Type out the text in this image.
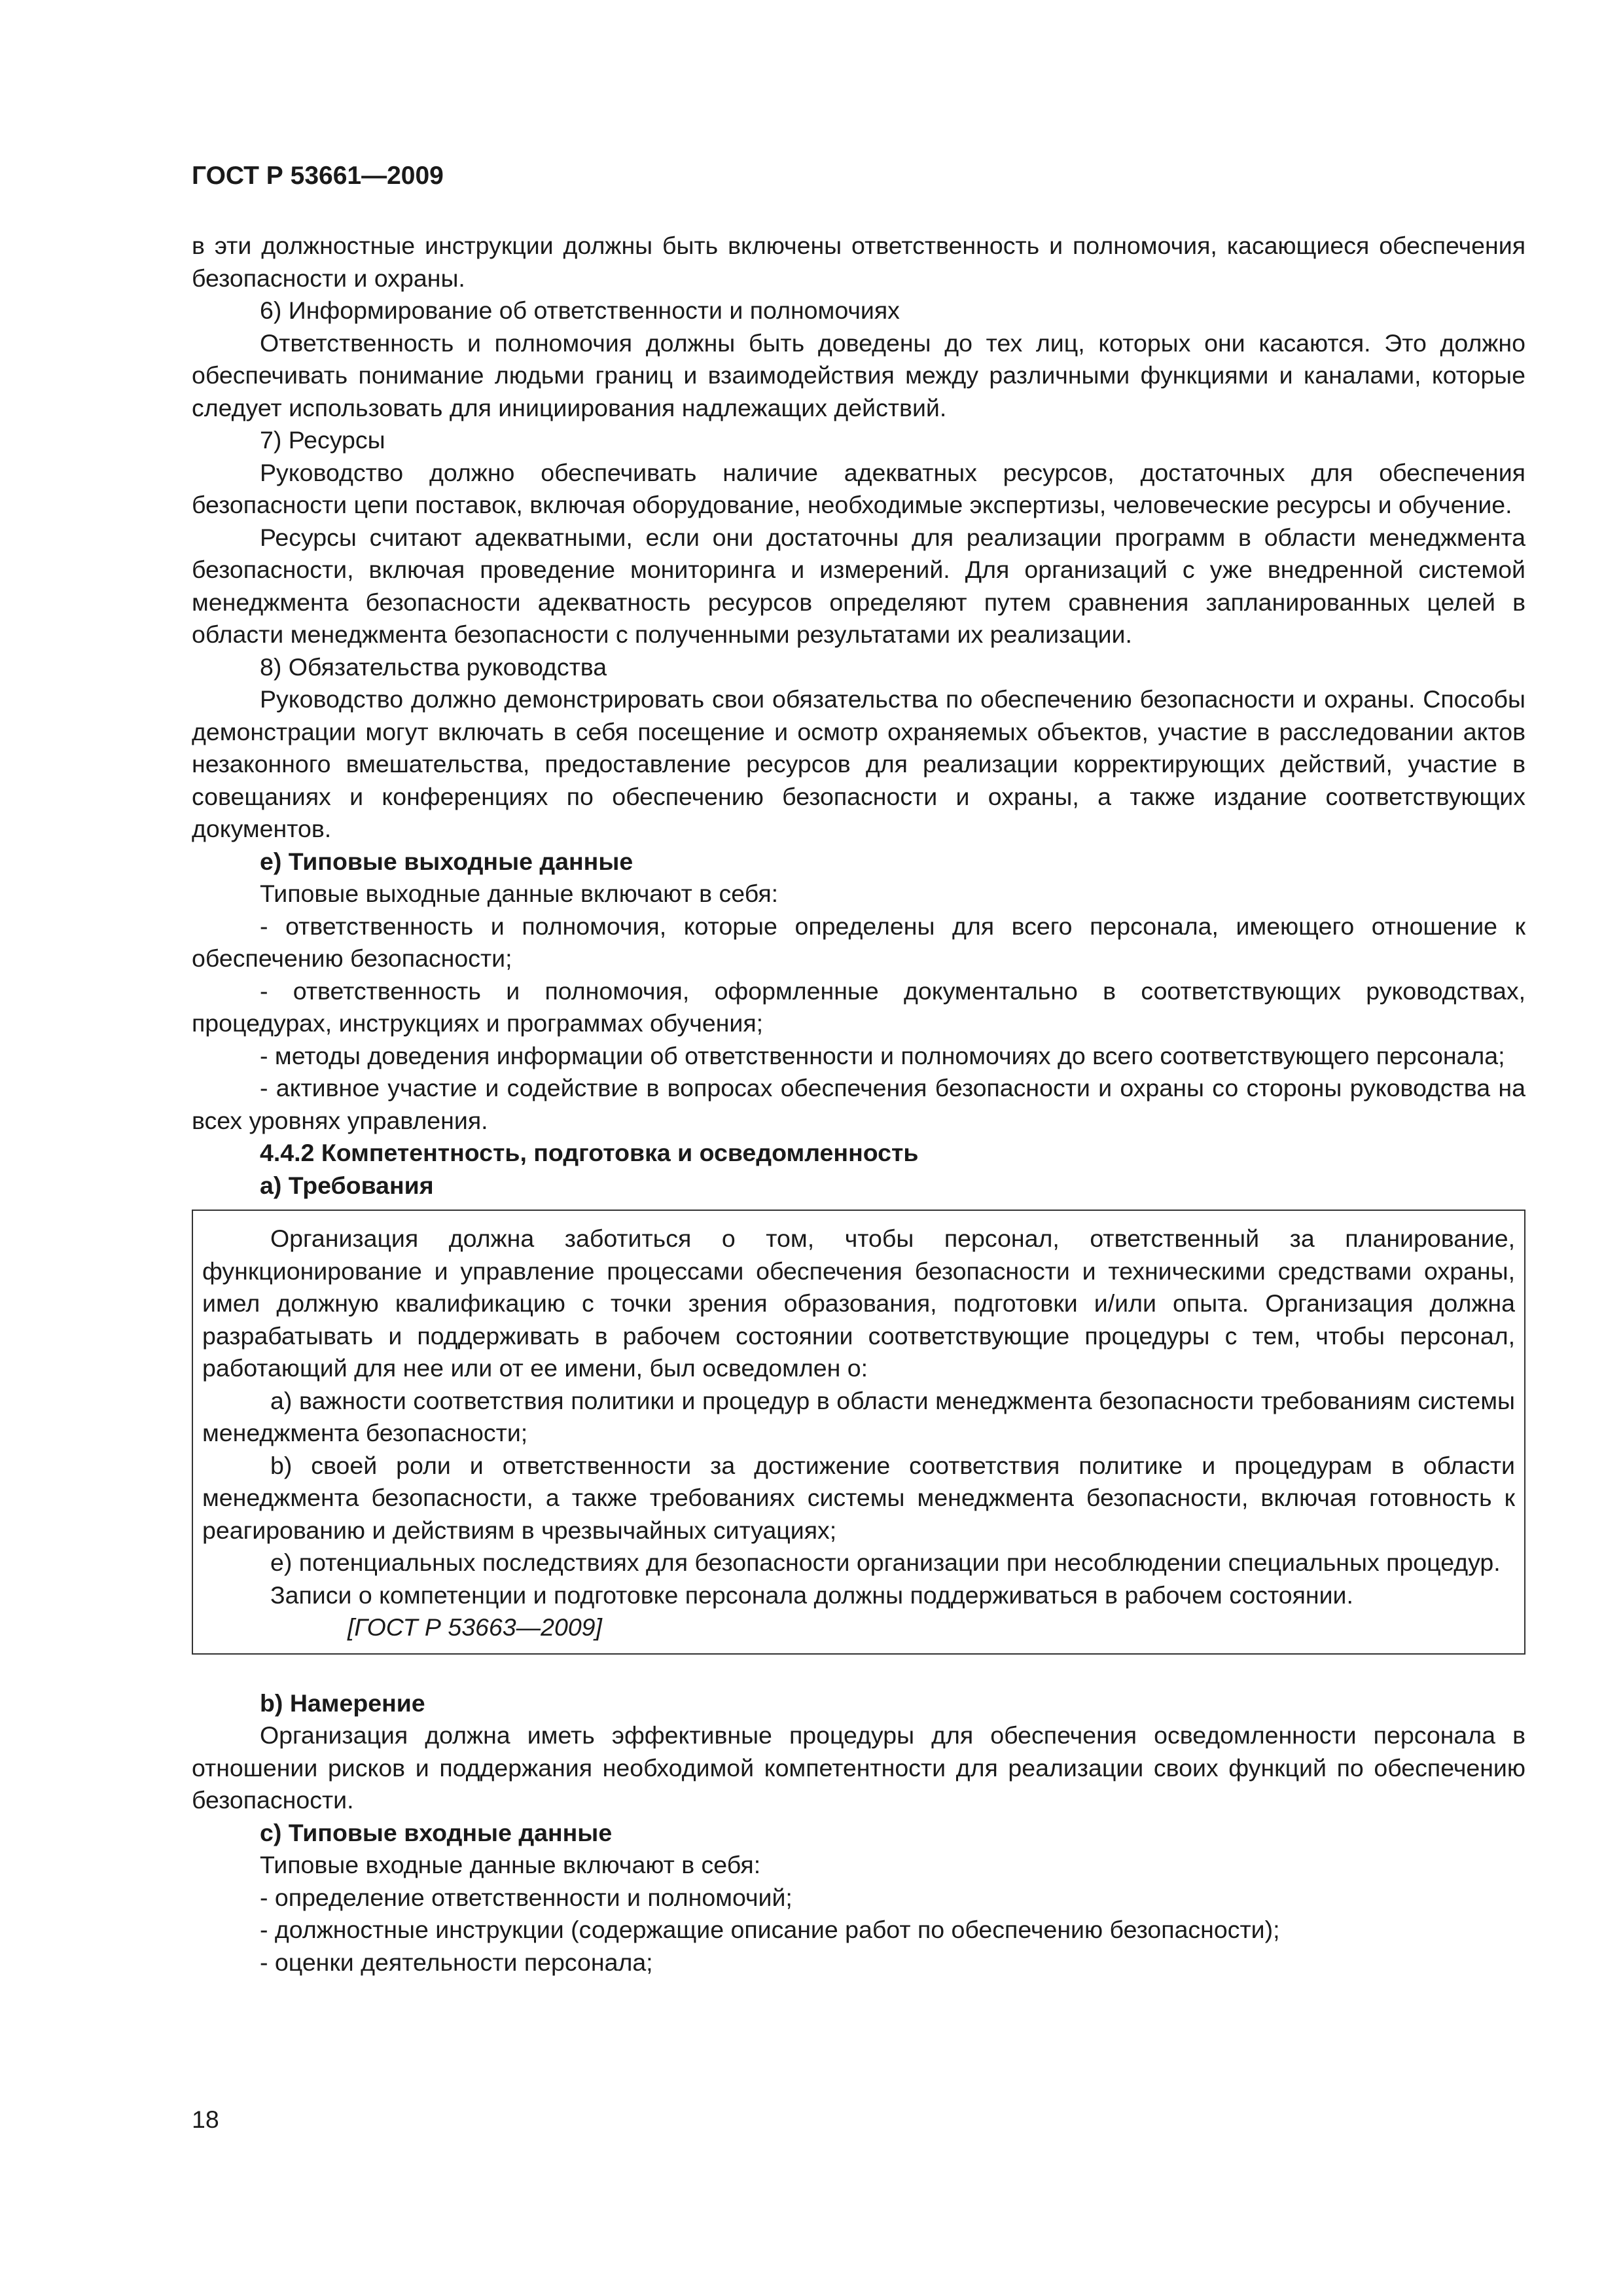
ГОСТ Р 53661—2009

в эти должностные инструкции должны быть включены ответственность и полномочия, касающиеся обеспечения безопасности и охраны.

6) Информирование об ответственности и полномочиях

Ответственность и полномочия должны быть доведены до тех лиц, которых они касаются. Это должно обеспечивать понимание людьми границ и взаимодействия между различными функциями и каналами, которые следует использовать для инициирования надлежащих действий.

7) Ресурсы

Руководство должно обеспечивать наличие адекватных ресурсов, достаточных для обеспечения безопасности цепи поставок, включая оборудование, необходимые экспертизы, человеческие ресурсы и обучение.

Ресурсы считают адекватными, если они достаточны для реализации программ в области менеджмента безопасности, включая проведение мониторинга и измерений. Для организаций с уже внедренной системой менеджмента безопасности адекватность ресурсов определяют путем сравнения запланированных целей в области менеджмента безопасности с полученными результатами их реализации.

8) Обязательства руководства

Руководство должно демонстрировать свои обязательства по обеспечению безопасности и охраны. Способы демонстрации могут включать в себя посещение и осмотр охраняемых объектов, участие в расследовании актов незаконного вмешательства, предоставление ресурсов для реализации корректирующих действий, участие в совещаниях и конференциях по обеспечению безопасности и охраны, а также издание соответствующих документов.

e) Типовые выходные данные

Типовые выходные данные включают в себя:

- ответственность и полномочия, которые определены для всего персонала, имеющего отношение к обеспечению безопасности;

- ответственность и полномочия, оформленные документально в соответствующих руководствах, процедурах, инструкциях и программах обучения;

- методы доведения информации об ответственности и полномочиях до всего соответствующего персонала;

- активное участие и содействие в вопросах обеспечения безопасности и охраны со стороны руководства на всех уровнях управления.

4.4.2 Компетентность, подготовка и осведомленность

a) Требования

Организация должна заботиться о том, чтобы персонал, ответственный за планирование, функционирование и управление процессами обеспечения безопасности и техническими средствами охраны, имел должную квалификацию с точки зрения образования, подготовки и/или опыта. Организация должна разрабатывать и поддерживать в рабочем состоянии соответствующие процедуры с тем, чтобы персонал, работающий для нее или от ее имени, был осведомлен о:

a) важности соответствия политики и процедур в области менеджмента безопасности требованиям системы менеджмента безопасности;

b) своей роли и ответственности за достижение соответствия политике и процедурам в области менеджмента безопасности, а также требованиях системы менеджмента безопасности, включая готовность к реагированию и действиям в чрезвычайных ситуациях;

e) потенциальных последствиях для безопасности организации при несоблюдении специальных процедур.

Записи о компетенции и подготовке персонала должны поддерживаться в рабочем состоянии.

[ГОСТ Р 53663—2009]

b) Намерение

Организация должна иметь эффективные процедуры для обеспечения осведомленности персонала в отношении рисков и поддержания необходимой компетентности для реализации своих функций по обеспечению безопасности.

c) Типовые входные данные

Типовые входные данные включают в себя:

- определение ответственности и полномочий;

- должностные инструкции (содержащие описание работ по обеспечению безопасности);

- оценки деятельности персонала;

18
